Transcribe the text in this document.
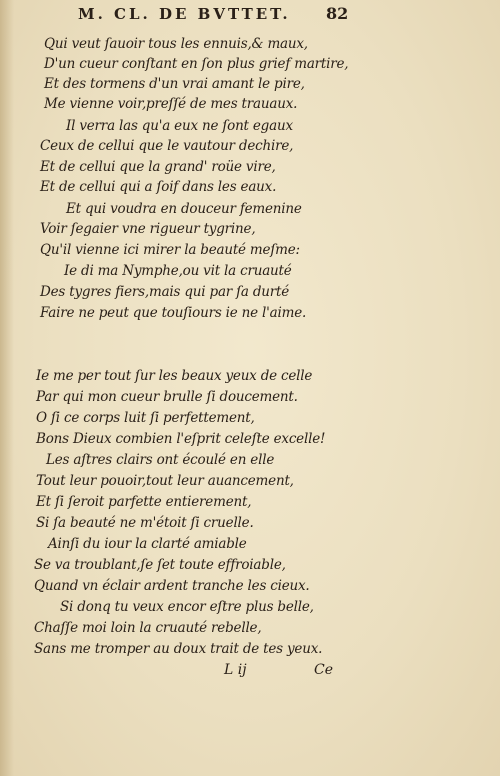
M. CL. DE BVTTET.	82
Qui veut ſauoir tous les ennuis,& maux,
D'un cueur conſtant en ſon plus grief martire,
Et des tormens d'un vrai amant le pire,
Me vienne voir,preſſé de mes trauaux.
Il verra las qu'a eux ne ſont egaux
Ceux de cellui que le vautour dechire,
Et de cellui que la grand' roüe vire,
Et de cellui qui a ſoif dans les eaux.
Et qui voudra en douceur femenine
Voir ſegaier vne rigueur tygrine,
Qu'il vienne ici mirer la beauté meſme:
Ie di ma Nymphe,ou vit la cruauté
Des tygres fiers,mais qui par ſa durté
Faire ne peut que touſiours ie ne l'aime.
Ie me per tout ſur les beaux yeux de celle
Par qui mon cueur brulle ſi doucement.
O ſi ce corps luit ſi perfettement,
Bons Dieux combien l'eſprit celeſte excelle!
Les aſtres clairs ont écoulé en elle
Tout leur pouoir,tout leur auancement,
Et ſi ſeroit parfette entierement,
Si ſa beauté ne m'étoit ſi cruelle.
Ainſi du iour la clarté amiable
Se va troublant,ſe ſet toute effroiable,
Quand vn éclair ardent tranche les cieux.
Si donq tu veux encor eſtre plus belle,
Chaſſe moi loin la cruauté rebelle,
Sans me tromper au doux trait de tes yeux.
L ij	Ce
